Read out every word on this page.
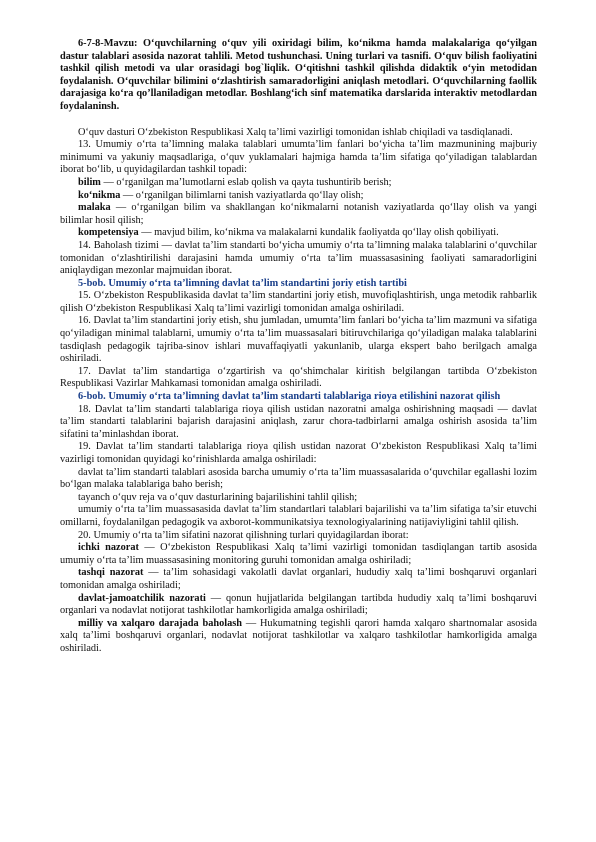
6-7-8-Mavzu: O‘quvchilarning o‘quv yili oxiridagi bilim, ko‘nikma hamda malakalariga qo‘yilgan dastur talablari asosida nazorat tahlili. Metod tushunchasi. Uning turlari va tasnifi. O‘quv bilish faoliyatini tashkil qilish metodi va ular orasidagi bog`liqlik. O‘qitishni tashkil qilishda didaktik o‘yin metodidan foydalanish. O‘quvchilar bilimini o‘zlashtirish samaradorligini aniqlash metodlari. O‘quvchilarning faollik darajasiga ko‘ra qo’llaniladigan metodlar. Boshlang‘ich sinf matematika darslarida interaktiv metodlardan foydalaninsh.

O‘quv dasturi O‘zbekiston Respublikasi Xalq ta’limi vazirligi tomonidan ishlab chiqiladi va tasdiqlanadi.

13. Umumiy o‘rta ta’limning malaka talablari umumta’lim fanlari bo‘yicha ta’lim mazmunining majburiy minimumi va yakuniy maqsadlariga, o‘quv yuklamalari hajmiga hamda ta’lim sifatiga qo‘yiladigan talablardan iborat bo‘lib, u quyidagilardan tashkil topadi:

bilim — o‘rganilgan ma’lumotlarni eslab qolish va qayta tushuntirib berish;

ko‘nikma — o‘rganilgan bilimlarni tanish vaziyatlarda qo‘llay olish;

malaka — o‘rganilgan bilim va shakllangan ko‘nikmalarni notanish vaziyatlarda qo‘llay olish va yangi bilimlar hosil qilish;

kompetensiya — mavjud bilim, ko‘nikma va malakalarni kundalik faoliyatda qo‘llay olish qobiliyati.

14. Baholash tizimi — davlat ta’lim standarti bo‘yicha umumiy o‘rta ta’limning malaka talablarini o‘quvchilar tomonidan o‘zlashtirilishi darajasini hamda umumiy o‘rta ta’lim muassasasining faoliyati samaradorligini aniqlaydigan mezonlar majmuidan iborat.

5-bob. Umumiy o‘rta ta’limning davlat ta’lim standartini joriy etish tartibi

15. O‘zbekiston Respublikasida davlat ta’lim standartini joriy etish, muvofiqlashtirish, unga metodik rahbarlik qilish O‘zbekiston Respublikasi Xalq ta’limi vazirligi tomonidan amalga oshiriladi.

16. Davlat ta’lim standartini joriy etish, shu jumladan, umumta’lim fanlari bo‘yicha ta’lim mazmuni va sifatiga qo‘yiladigan minimal talablarni, umumiy o‘rta ta’lim muassasalari bitiruvchilariga qo‘yiladigan malaka talablarini tasdiqlash pedagogik tajriba-sinov ishlari muvaffaqiyatli yakunlanib, ularga ekspert baho berilgach amalga oshiriladi.

17. Davlat ta’lim standartiga o‘zgartirish va qo‘shimchalar kiritish belgilangan tartibda O‘zbekiston Respublikasi Vazirlar Mahkamasi tomonidan amalga oshiriladi.

6-bob. Umumiy o‘rta ta’limning davlat ta’lim standarti talablariga rioya etilishini nazorat qilish

18. Davlat ta’lim standarti talablariga rioya qilish ustidan nazoratni amalga oshirishning maqsadi — davlat ta’lim standarti talablarini bajarish darajasini aniqlash, zarur chora-tadbirlarni amalga oshirish asosida ta’lim sifatini ta’minlashdan iborat.

19. Davlat ta’lim standarti talablariga rioya qilish ustidan nazorat O‘zbekiston Respublikasi Xalq ta’limi vazirligi tomonidan quyidagi ko‘rinishlarda amalga oshiriladi:

davlat ta’lim standarti talablari asosida barcha umumiy o‘rta ta’lim muassasalarida o‘quvchilar egallashi lozim bo‘lgan malaka talablariga baho berish;

tayanch o‘quv reja va o‘quv dasturlarining bajarilishini tahlil qilish;

umumiy o‘rta ta’lim muassasasida davlat ta’lim standartlari talablari bajarilishi va ta’lim sifatiga ta’sir etuvchi omillarni, foydalanilgan pedagogik va axborot-kommunikatsiya texnologiyalarining natijaviyligini tahlil qilish.

20. Umumiy o‘rta ta’lim sifatini nazorat qilishning turlari quyidagilardan iborat:

ichki nazorat — O‘zbekiston Respublikasi Xalq ta’limi vazirligi tomonidan tasdiqlangan tartib asosida umumiy o‘rta ta’lim muassasasining monitoring guruhi tomonidan amalga oshiriladi;

tashqi nazorat — ta’lim sohasidagi vakolatli davlat organlari, hududiy xalq ta’limi boshqaruvi organlari tomonidan amalga oshiriladi;

davlat-jamoatchilik nazorati — qonun hujjatlarida belgilangan tartibda hududiy xalq ta’limi boshqaruvi organlari va nodavlat notijorat tashkilotlar hamkorligida amalga oshiriladi;

milliy va xalqaro darajada baholash — Hukumatning tegishli qarori hamda xalqaro shartnomalar asosida xalq ta’limi boshqaruvi organlari, nodavlat notijorat tashkilotlar va xalqaro tashkilotlar hamkorligida amalga oshiriladi.
